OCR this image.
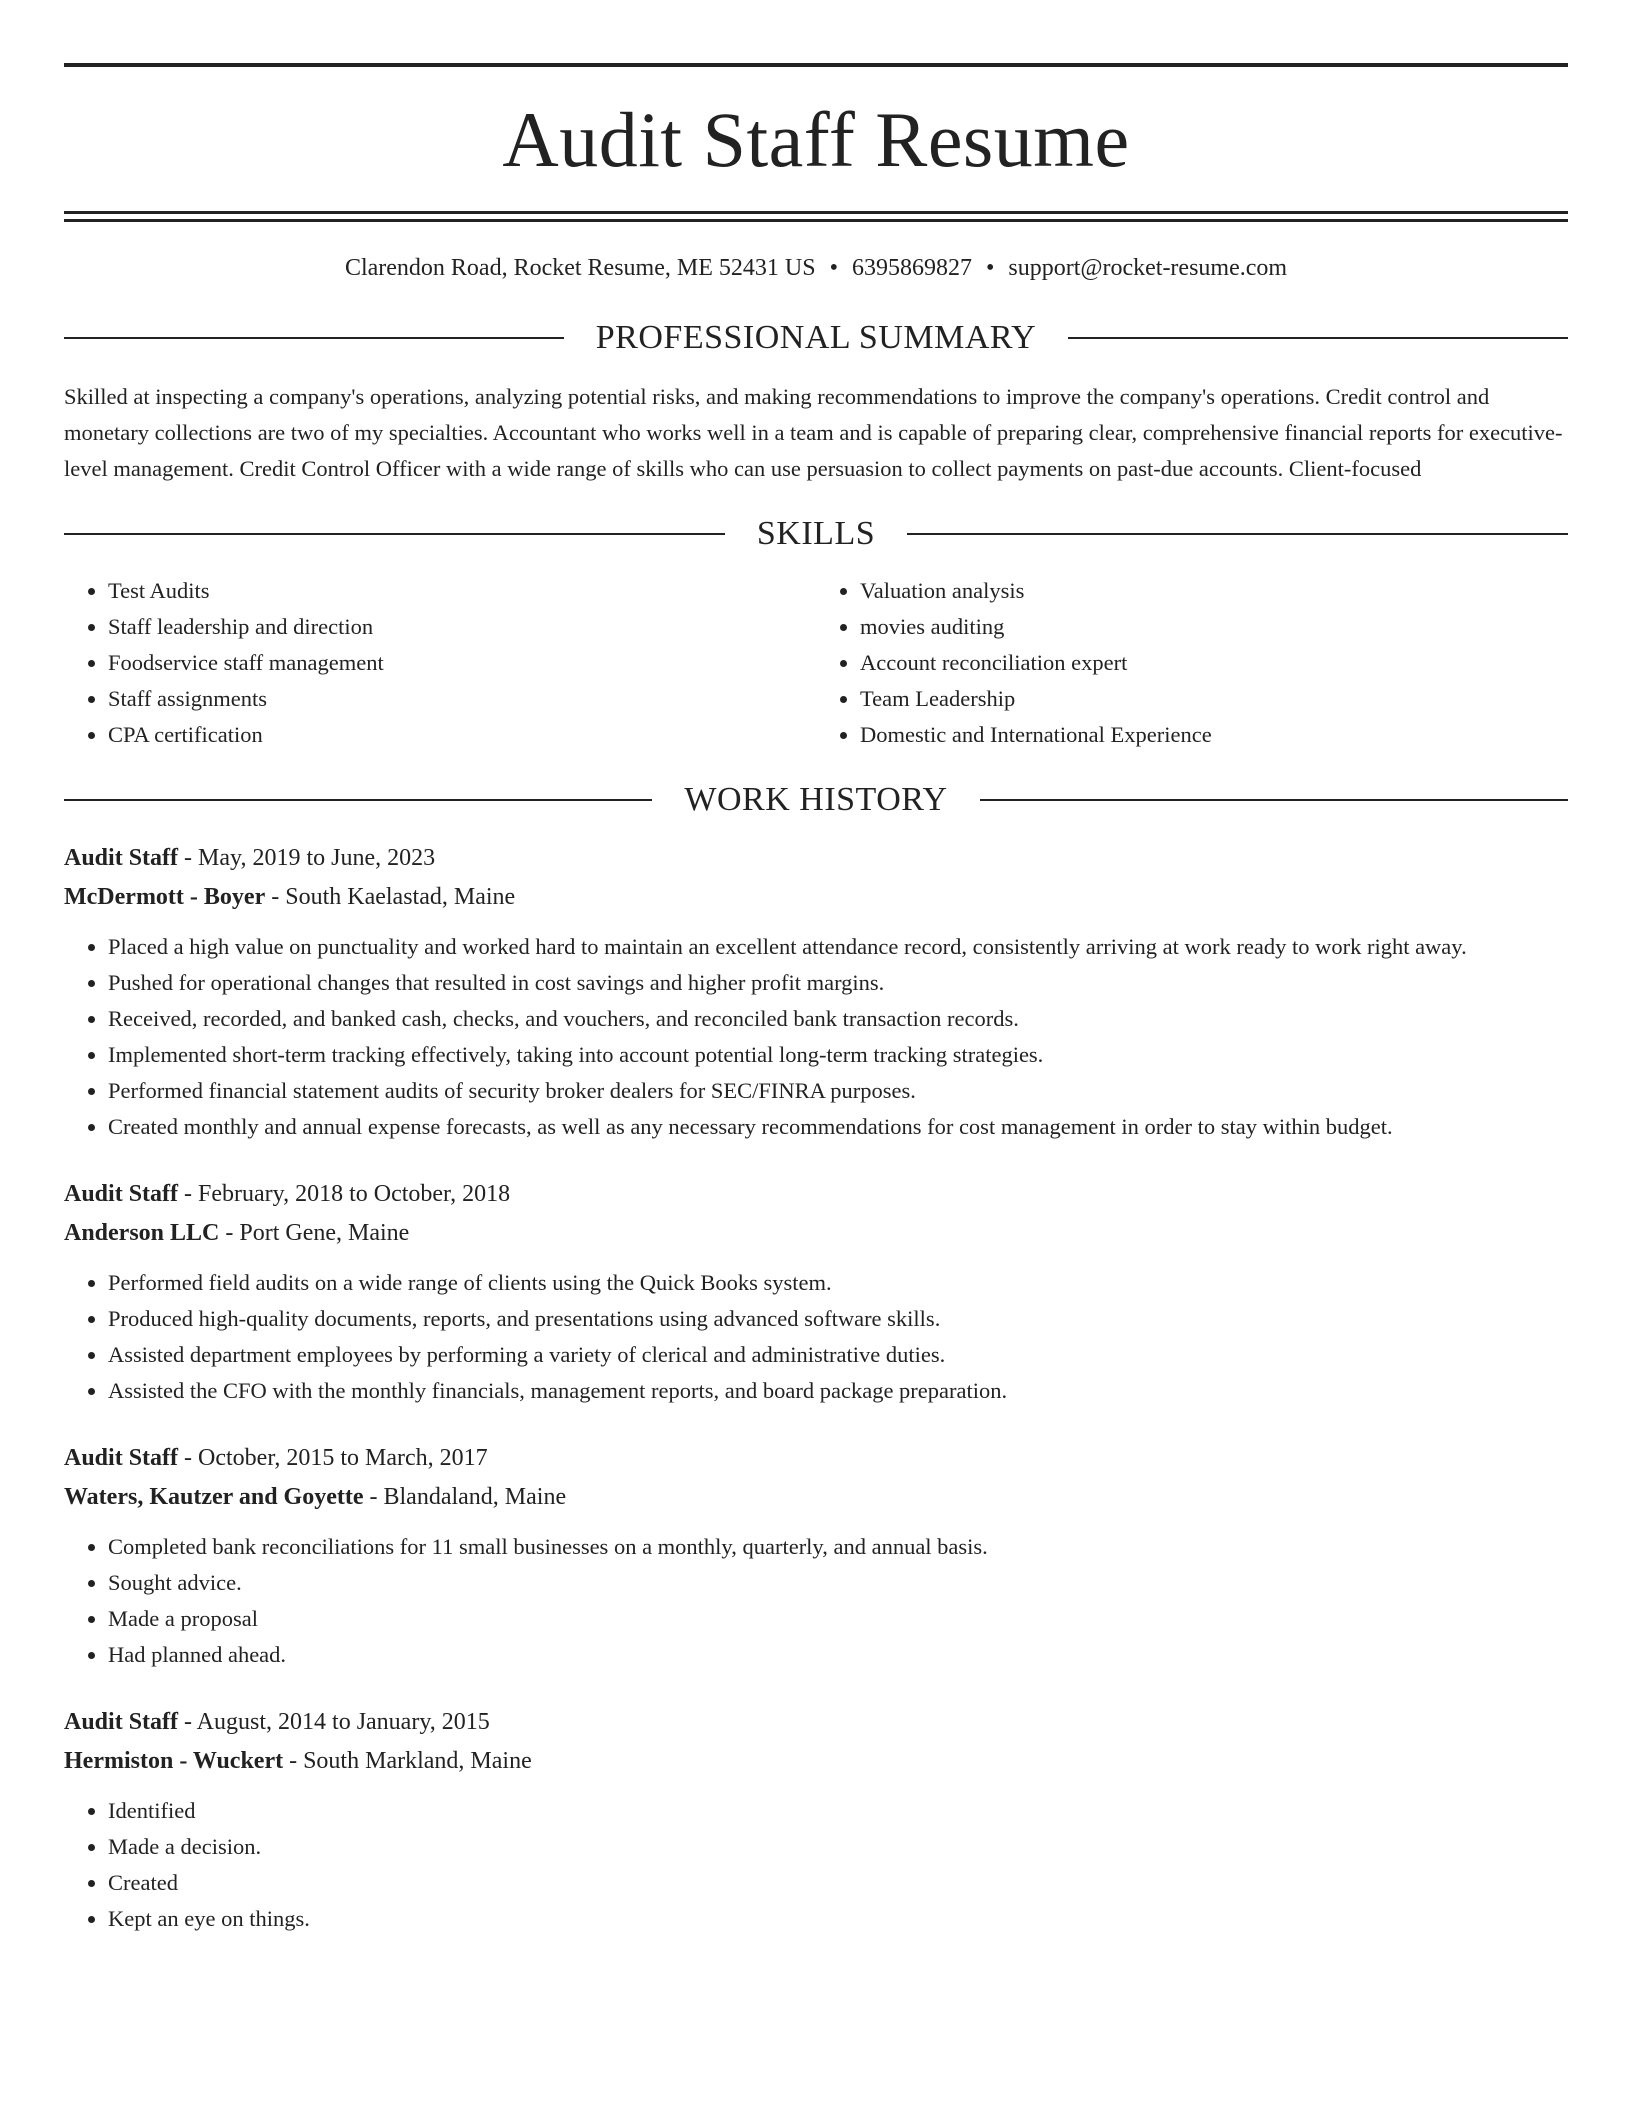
Audit Staff Resume
Clarendon Road, Rocket Resume, ME 52431 US • 6395869827 • support@rocket-resume.com
PROFESSIONAL SUMMARY

Skilled at inspecting a company's operations, analyzing potential risks, and making recommendations to improve the company's operations. Credit control and monetary collections are two of my specialties. Accountant who works well in a team and is capable of preparing clear, comprehensive financial reports for executive-level management. Credit Control Officer with a wide range of skills who can use persuasion to collect payments on past-due accounts. Client-focused

SKILLS
• Test Audits
• Staff leadership and direction
• Foodservice staff management
• Staff assignments
• CPA certification
• Valuation analysis
• movies auditing
• Account reconciliation expert
• Team Leadership
• Domestic and International Experience
WORK HISTORY
Audit Staff - May, 2019 to June, 2023
McDermott - Boyer - South Kaelastad, Maine
• Placed a high value on punctuality and worked hard to maintain an excellent attendance record, consistently arriving at work ready to work right away.
• Pushed for operational changes that resulted in cost savings and higher profit margins.
• Received, recorded, and banked cash, checks, and vouchers, and reconciled bank transaction records.
• Implemented short-term tracking effectively, taking into account potential long-term tracking strategies.
• Performed financial statement audits of security broker dealers for SEC/FINRA purposes.
• Created monthly and annual expense forecasts, as well as any necessary recommendations for cost management in order to stay within budget.
Audit Staff - February, 2018 to October, 2018
Anderson LLC - Port Gene, Maine
• Performed field audits on a wide range of clients using the Quick Books system.
• Produced high-quality documents, reports, and presentations using advanced software skills.
• Assisted department employees by performing a variety of clerical and administrative duties.
• Assisted the CFO with the monthly financials, management reports, and board package preparation.
Audit Staff - October, 2015 to March, 2017
Waters, Kautzer and Goyette - Blandaland, Maine
• Completed bank reconciliations for 11 small businesses on a monthly, quarterly, and annual basis.
• Sought advice.
• Made a proposal
• Had planned ahead.
Audit Staff - August, 2014 to January, 2015
Hermiston - Wuckert - South Markland, Maine
• Identified
• Made a decision.
• Created
• Kept an eye on things.
